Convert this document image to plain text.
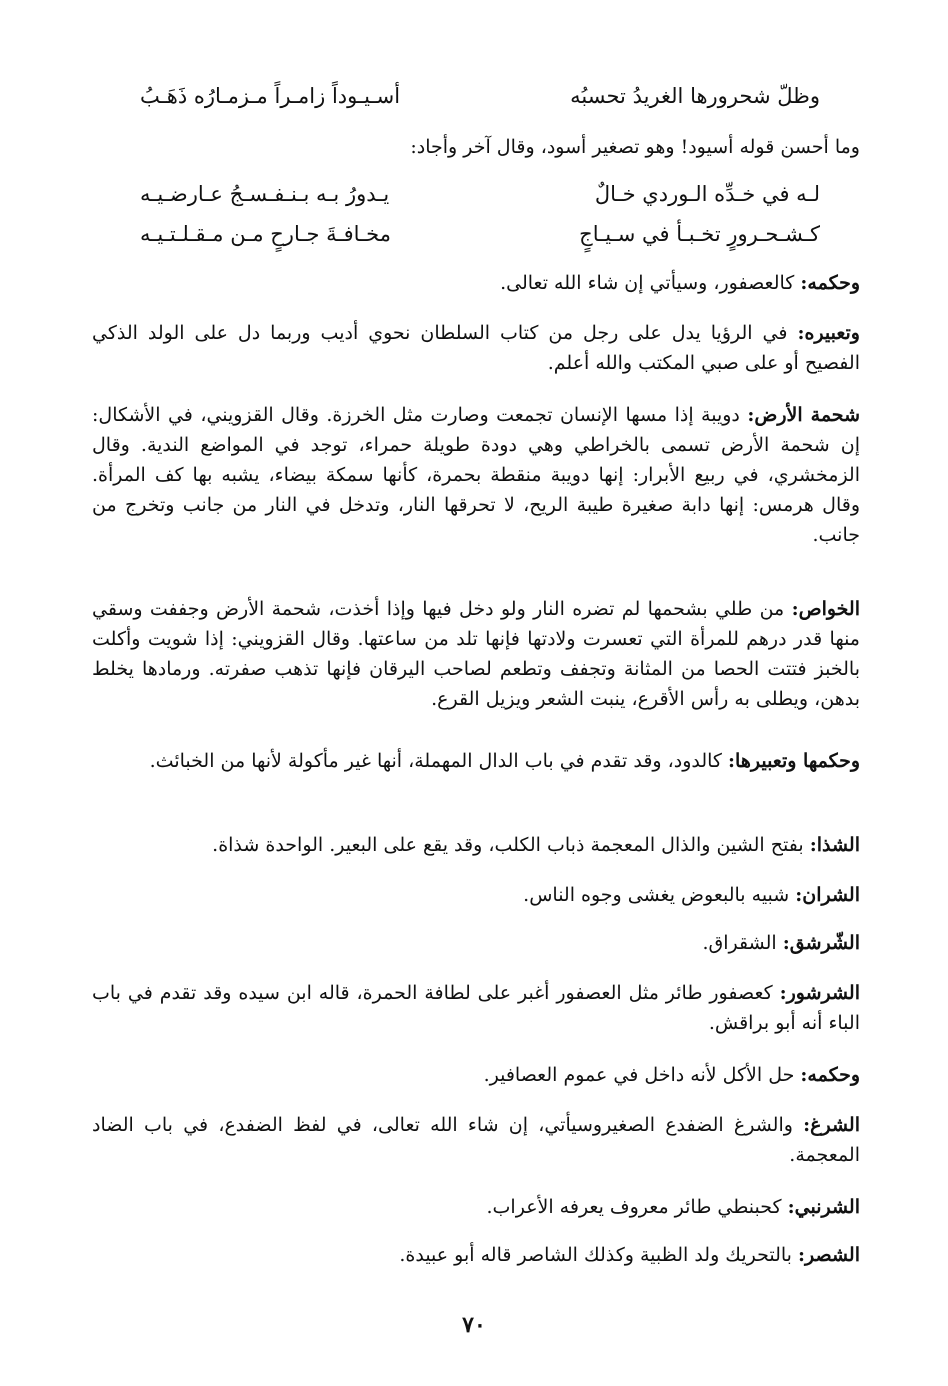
وظلّ شحرورها الغريدُ تحسبُه
أسـيـوداً زامـراً مـزمـارُه ذَهَـبُ
وما أحسن قوله أسيود! وهو تصغير أسود، وقال آخر وأجاد:
لـه في خـدِّه الـوردي خـالٌ
يـدورُ بـه بـنـفـسـجُ عـارضـيـه
كـشـحـرورٍ تخـبـأ في سـيـاجٍ
مخـافـةَ جـارحٍ مـن مـقـلـتـيـه
وحكمه: كالعصفور، وسيأتي إن شاء الله تعالى.
وتعبيره: في الرؤيا يدل على رجل من كتاب السلطان نحوي أديب وربما دل على الولد الذكي الفصيح أو على صبي المكتب والله أعلم.
شحمة الأرض: دويبة إذا مسها الإنسان تجمعت وصارت مثل الخرزة. وقال القزويني، في الأشكال: إن شحمة الأرض تسمى بالخراطي وهي دودة طويلة حمراء، توجد في المواضع الندية. وقال الزمخشري، في ربيع الأبرار: إنها دويبة منقطة بحمرة، كأنها سمكة بيضاء، يشبه بها كف المرأة. وقال هرمس: إنها دابة صغيرة طيبة الريح، لا تحرقها النار، وتدخل في النار من جانب وتخرج من جانب.
الخواص: من طلي بشحمها لم تضره النار ولو دخل فيها وإذا أخذت، شحمة الأرض وجففت وسقي منها قدر درهم للمرأة التي تعسرت ولادتها فإنها تلد من ساعتها. وقال القزويني: إذا شويت وأكلت بالخبز فتتت الحصا من المثانة وتجفف وتطعم لصاحب اليرقان فإنها تذهب صفرته. ورمادها يخلط بدهن، ويطلى به رأس الأقرع، ينبت الشعر ويزيل القرع.
وحكمها وتعبيرها: كالدود، وقد تقدم في باب الدال المهملة، أنها غير مأكولة لأنها من الخبائث.
الشذا: بفتح الشين والذال المعجمة ذباب الكلب، وقد يقع على البعير. الواحدة شذاة.
الشران: شبيه بالبعوض يغشى وجوه الناس.
الشّرشق: الشقراق.
الشرشور: كعصفور طائر مثل العصفور أغبر على لطافة الحمرة، قاله ابن سيده وقد تقدم في باب الباء أنه أبو براقش.
وحكمه: حل الأكل لأنه داخل في عموم العصافير.
الشرغ: والشرغ الضفدع الصغيروسيأتي، إن شاء الله تعالى، في لفظ الضفدع، في باب الضاد المعجمة.
الشرنبي: كحبنطي طائر معروف يعرفه الأعراب.
الشصر: بالتحريك ولد الظبية وكذلك الشاصر قاله أبو عبيدة.
٧٠
